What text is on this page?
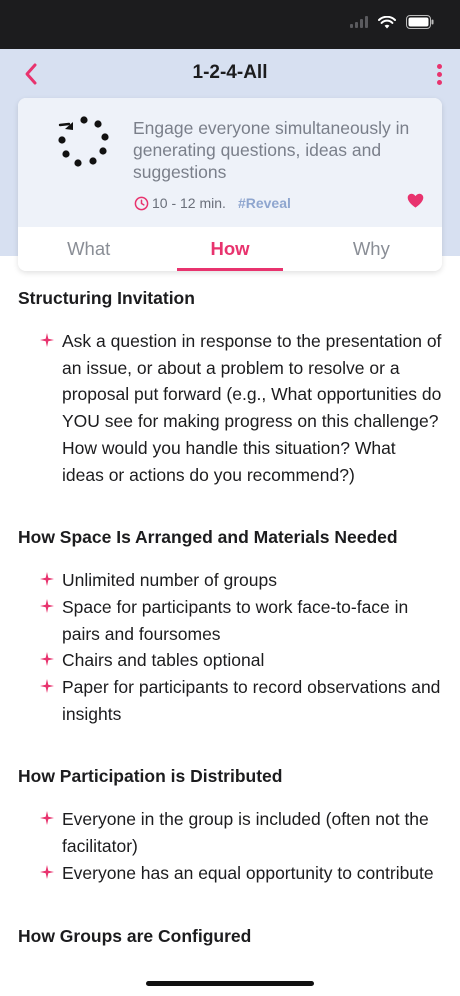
1-2-4-All
Engage everyone simultaneously in generating questions, ideas and suggestions
10 - 12 min. #Reveal
What	How	Why
Structuring Invitation
Ask a question in response to the presentation of an issue, or about a problem to resolve or a proposal put forward (e.g., What opportunities do YOU see for making progress on this challenge? How would you handle this situation? What ideas or actions do you recommend?)
How Space Is Arranged and Materials Needed
Unlimited number of groups
Space for participants to work face-to-face in pairs and foursomes
Chairs and tables optional
Paper for participants to record observations and insights
How Participation is Distributed
Everyone in the group is included (often not the facilitator)
Everyone has an equal opportunity to contribute
How Groups are Configured
